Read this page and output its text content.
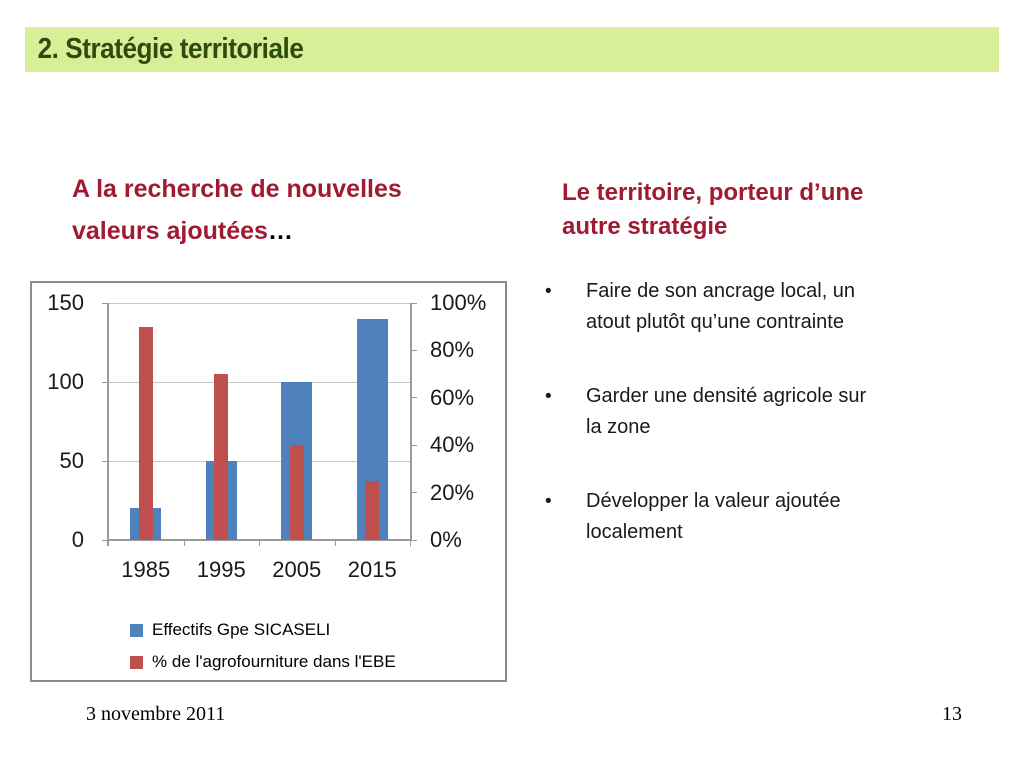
2. Stratégie territoriale
A la recherche de nouvelles
valeurs ajoutées…
0
50
100
150
0%
20%
40%
60%
80%
100%
1985	1995	2005	2015
Effectifs Gpe SICASELI
% de l'agrofourniture dans l'EBE
Le territoire, porteur d’une
autre stratégie
•	Faire de son ancrage local, un
atout plutôt qu’une contrainte
•	Garder une densité agricole sur
la zone
•	Développer la valeur ajoutée
localement
3 novembre 2011	13
